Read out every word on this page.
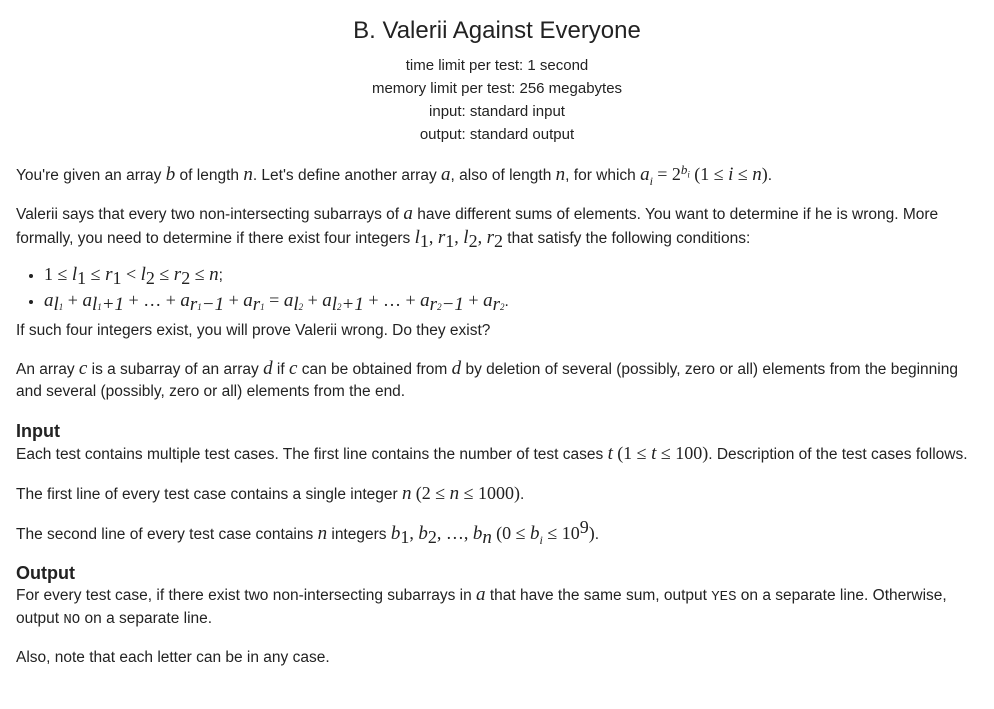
B. Valerii Against Everyone
time limit per test: 1 second
memory limit per test: 256 megabytes
input: standard input
output: standard output

You're given an array b of length n. Let's define another array a, also of length n, for which $a_i = 2^{b_i}$ (1 ≤ i ≤ n).

Valerii says that every two non-intersecting subarrays of a have different sums of elements. You want to determine if he is wrong. More formally, you need to determine if there exist four integers $l_1$, $r_1$, $l_2$, $r_2$ that satisfy the following conditions:

• $1 \le l_1 \le r_1 < l_2 \le r_2 \le n$;
• $a_{l1} + a_{l1+1}$ + … + $a_{r1-1} + a_{r1} = a_{l2} + a_{l2+1}$ + … + $a_{r2-1} + a_{r2}$.

If such four integers exist, you will prove Valerii wrong. Do they exist?

An array c is a subarray of an array d if c can be obtained from d by deletion of several (possibly, zero or all) elements from the beginning and several (possibly, zero or all) elements from the end.

Input

Each test contains multiple test cases. The first line contains the number of test cases t (1 ≤ t ≤ 100). Description of the test cases follows.

The first line of every test case contains a single integer n (2 ≤ n ≤ 1000).

The second line of every test case contains n integers $b_1$, $b_2$, …, $b_n$ $(0 \le b_i \le 10^9)$.

Output

For every test case, if there exist two non-intersecting subarrays in a that have the same sum, output YES on a separate line. Otherwise, output NO on a separate line.

Also, note that each letter can be in any case.
